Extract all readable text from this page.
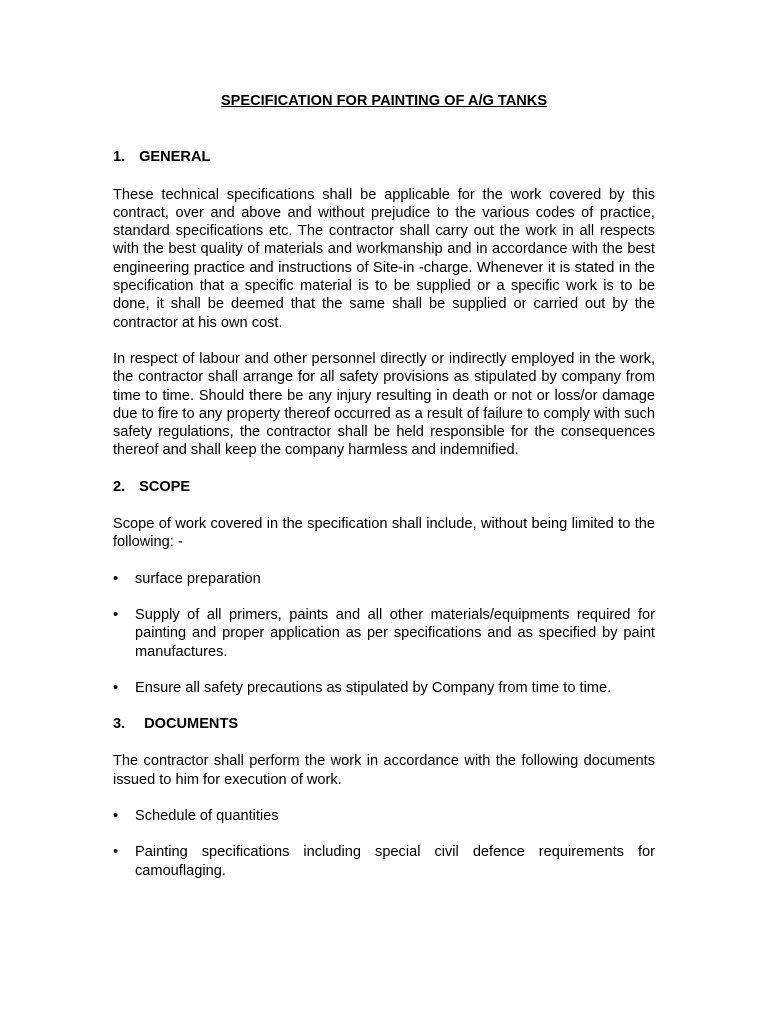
SPECIFICATION FOR PAINTING OF A/G TANKS

1. GENERAL

These technical specifications shall be applicable for the work covered by this contract, over and above and without prejudice to the various codes of practice, standard specifications etc. The contractor shall carry out the work in all respects with the best quality of materials and workmanship and in accordance with the best engineering practice and instructions of Site-in -charge. Whenever it is stated in the specification that a specific material is to be supplied or a specific work is to be done, it shall be deemed that the same shall be supplied or carried out by the contractor at his own cost.

In respect of labour and other personnel directly or indirectly employed in the work, the contractor shall arrange for all safety provisions as stipulated by company from time to time. Should there be any injury resulting in death or not or loss/or damage due to fire to any property thereof occurred as a result of failure to comply with such safety regulations, the contractor shall be held responsible for the consequences thereof and shall keep the company harmless and indemnified.

2. SCOPE

Scope of work covered in the specification shall include, without being limited to the following: -

•	surface preparation
•	Supply of all primers, paints and all other materials/equipments required for painting and proper application as per specifications and as specified by paint manufactures.
•	Ensure all safety precautions as stipulated by Company from time to time.
3. DOCUMENTS

The contractor shall perform the work in accordance with the following documents issued to him for execution of work.

•	Schedule of quantities
•	Painting specifications including special civil defence requirements for camouflaging.
